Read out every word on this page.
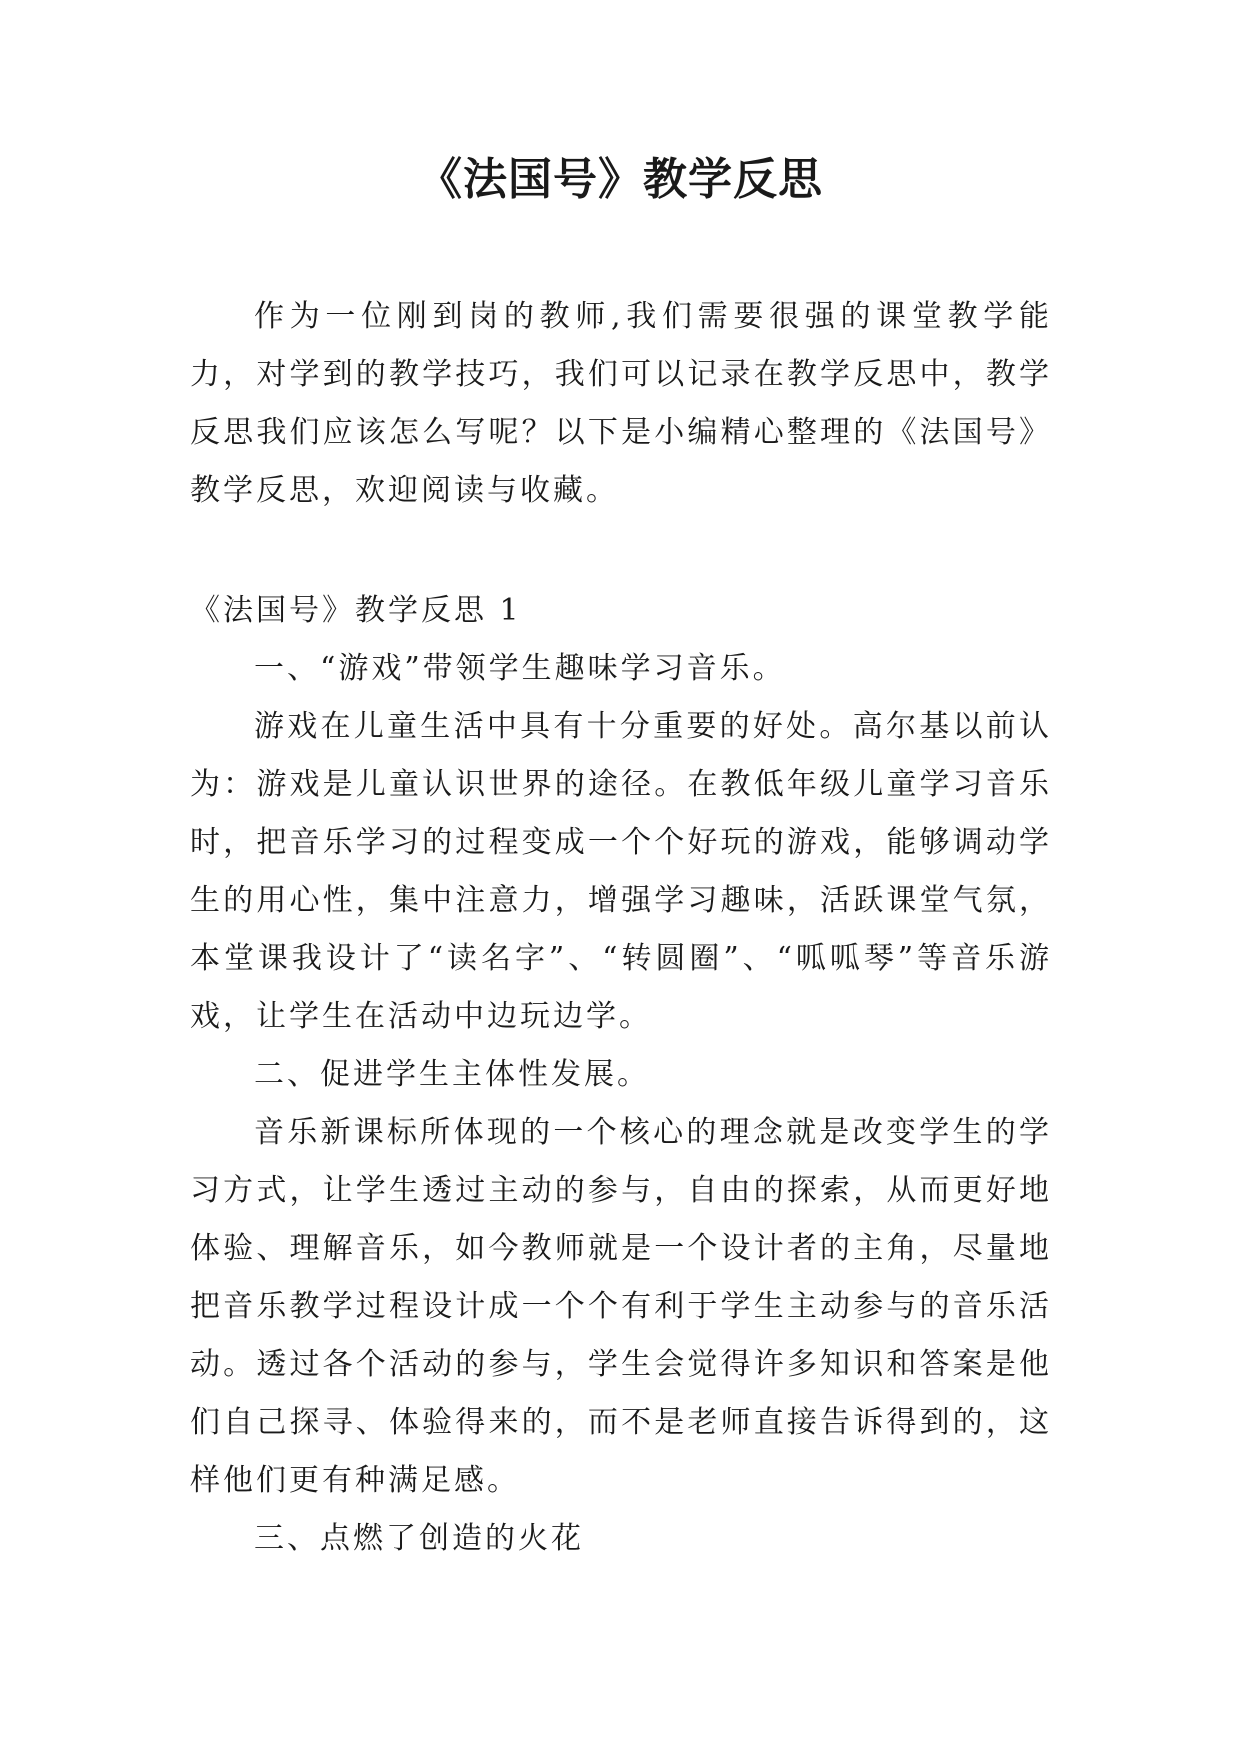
《法国号》教学反思

作为一位刚到岗的教师,我们需要很强的课堂教学能力，对学到的教学技巧，我们可以记录在教学反思中，教学反思我们应该怎么写呢？以下是小编精心整理的《法国号》教学反思，欢迎阅读与收藏。

《法国号》教学反思 1

一、“游戏”带领学生趣味学习音乐。

游戏在儿童生活中具有十分重要的好处。高尔基以前认为：游戏是儿童认识世界的途径。在教低年级儿童学习音乐时，把音乐学习的过程变成一个个好玩的游戏，能够调动学生的用心性，集中注意力，增强学习趣味，活跃课堂气氛，本堂课我设计了“读名字”、“转圆圈”、“呱呱琴”等音乐游戏，让学生在活动中边玩边学。

二、促进学生主体性发展。

音乐新课标所体现的一个核心的理念就是改变学生的学习方式，让学生透过主动的参与，自由的探索，从而更好地体验、理解音乐，如今教师就是一个设计者的主角，尽量地把音乐教学过程设计成一个个有利于学生主动参与的音乐活动。透过各个活动的参与，学生会觉得许多知识和答案是他们自己探寻、体验得来的，而不是老师直接告诉得到的，这样他们更有种满足感。

三、点燃了创造的火花
